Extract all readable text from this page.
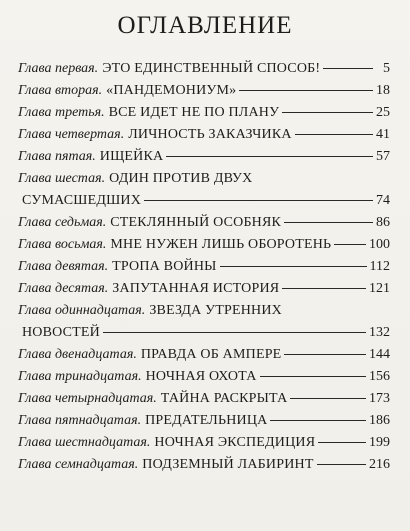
ОГЛАВЛЕНИЕ
Глава первая. ЭТО ЕДИНСТВЕННЫЙ СПОСОБ!	5
Глава вторая. «ПАНДЕМОНИУМ»	18
Глава третья. ВСЕ ИДЕТ НЕ ПО ПЛАНУ	25
Глава четвертая. ЛИЧНОСТЬ ЗАКАЗЧИКА	41
Глава пятая. ИЩЕЙКА	57
Глава шестая. ОДИН ПРОТИВ ДВУХ
СУМАСШЕДШИХ	74
Глава седьмая. СТЕКЛЯННЫЙ ОСОБНЯК	86
Глава восьмая. МНЕ НУЖЕН ЛИШЬ ОБОРОТЕНЬ	100
Глава девятая. ТРОПА ВОЙНЫ	112
Глава десятая. ЗАПУТАННАЯ ИСТОРИЯ	121
Глава одиннадцатая. ЗВЕЗДА УТРЕННИХ
НОВОСТЕЙ	132
Глава двенадцатая. ПРАВДА ОБ АМПЕРЕ	144
Глава тринадцатая. НОЧНАЯ ОХОТА	156
Глава четырнадцатая. ТАЙНА РАСКРЫТА	173
Глава пятнадцатая. ПРЕДАТЕЛЬНИЦА	186
Глава шестнадцатая. НОЧНАЯ ЭКСПЕДИЦИЯ	199
Глава семнадцатая. ПОДЗЕМНЫЙ ЛАБИРИНТ	216
